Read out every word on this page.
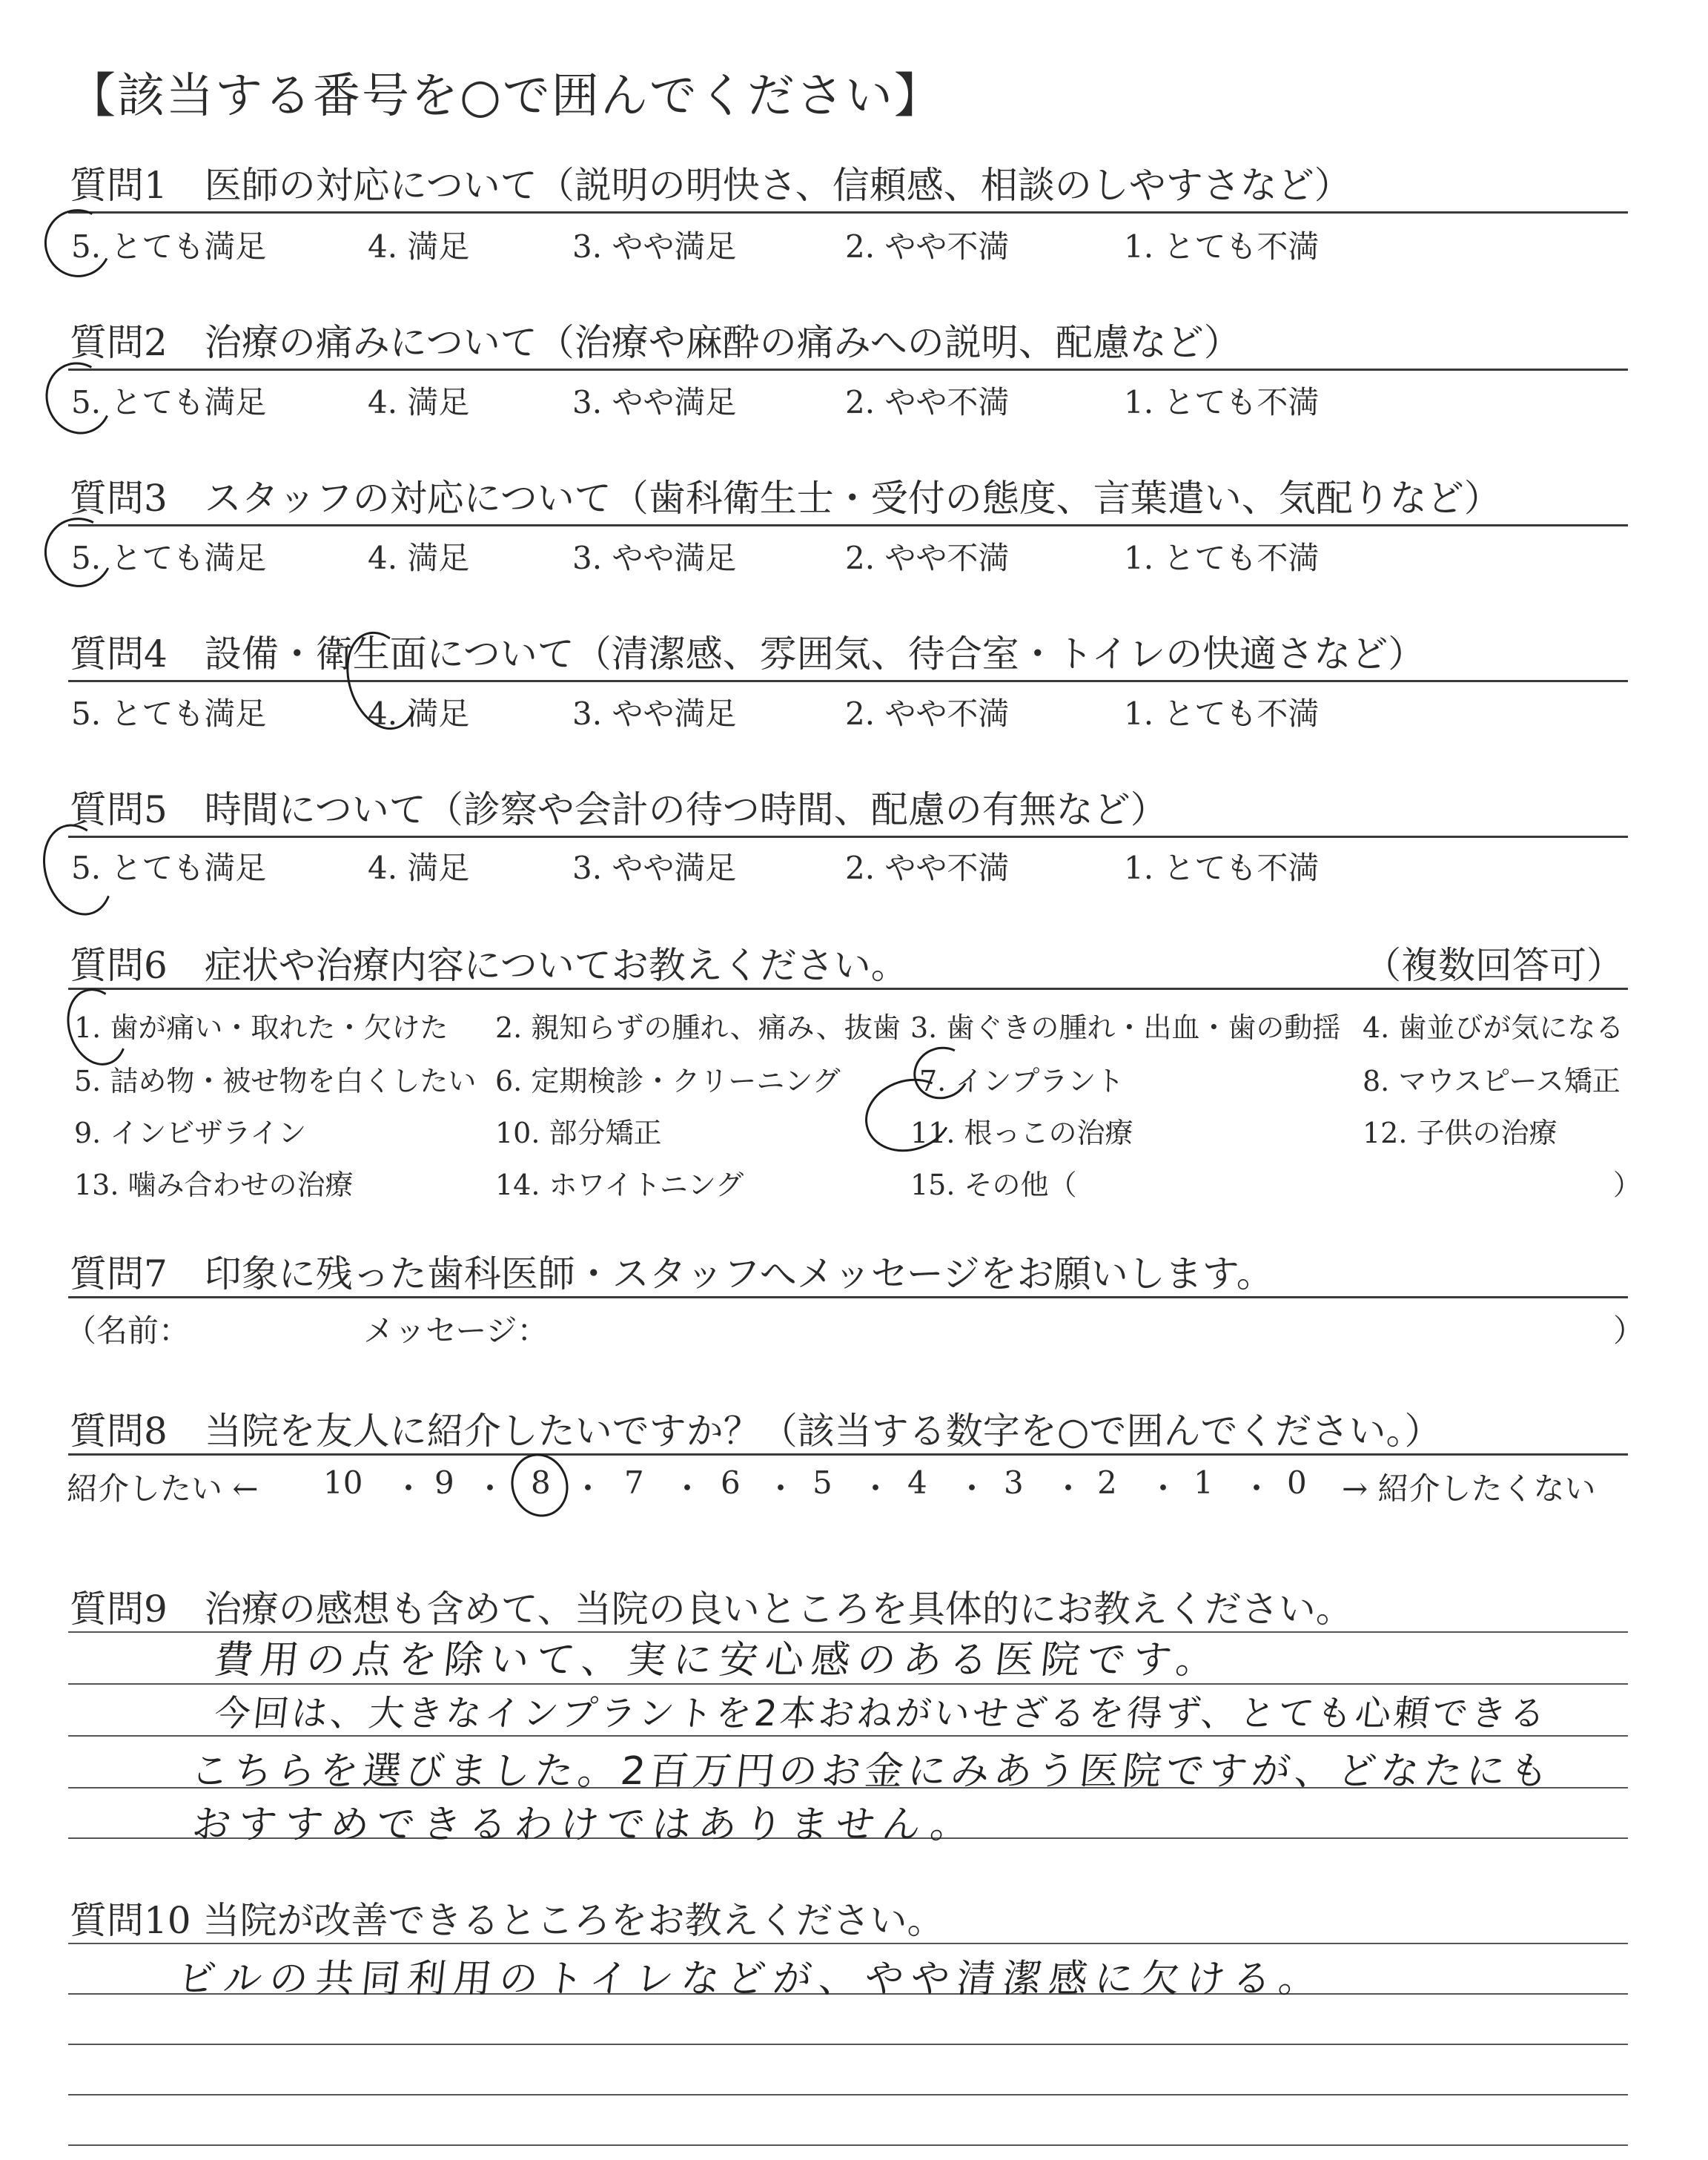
【該当する番号を○で囲んでください】
質問1　医師の対応について（説明の明快さ、信頼感、相談のしやすさなど）
5. とても満足	4. 満足	3. やや満足	2. やや不満	1. とても不満
質問2　治療の痛みについて（治療や麻酔の痛みへの説明、配慮など）
5. とても満足	4. 満足	3. やや満足	2. やや不満	1. とても不満
質問3　スタッフの対応について（歯科衛生士・受付の態度、言葉遣い、気配りなど）
5. とても満足	4. 満足	3. やや満足	2. やや不満	1. とても不満
質問4　設備・衛生面について（清潔感、雰囲気、待合室・トイレの快適さなど）
5. とても満足	4. 満足	3. やや満足	2. やや不満	1. とても不満
質問5　時間について（診察や会計の待つ時間、配慮の有無など）
5. とても満足	4. 満足	3. やや満足	2. やや不満	1. とても不満
質問6　症状や治療内容についてお教えください。	（複数回答可）
1. 歯が痛い・取れた・欠けた 2. 親知らずの腫れ、痛み、抜歯 3. 歯ぐきの腫れ・出血・歯の動揺 4. 歯並びが気になる
5. 詰め物・被せ物を白くしたい 6. 定期検診・クリーニング	7. インプラント	8. マウスピース矯正
9. インビザライン	10. 部分矯正	11. 根っこの治療	12. 子供の治療
13. 噛み合わせの治療	14. ホワイトニング	15. その他（	）
質問7　印象に残った歯科医師・スタッフへメッセージをお願いします。
（名前：	メッセージ：	）
質問8　当院を友人に紹介したいですか？（該当する数字を○で囲んでください。）
紹介したい ← 10 ・ 9 ・ 8 ・ 7 ・ 6 ・ 5 ・ 4 ・ 3 ・ 2 ・ 1 ・ 0 → 紹介したくない
質問9　治療の感想も含めて、当院の良いところを具体的にお教えください。
費用の点を除いて、実に安心感のある医院です。
今回は、大きなインプラントを2本おねがいせざるを得ず、とても心頼できる
こちらを選びました。2百万円のお金にみあう医院ですが、どなたにも
おすすめできるわけではありません。
質問10 当院が改善できるところをお教えください。
ビルの共同利用のトイレなどが、やや清潔感に欠ける。
